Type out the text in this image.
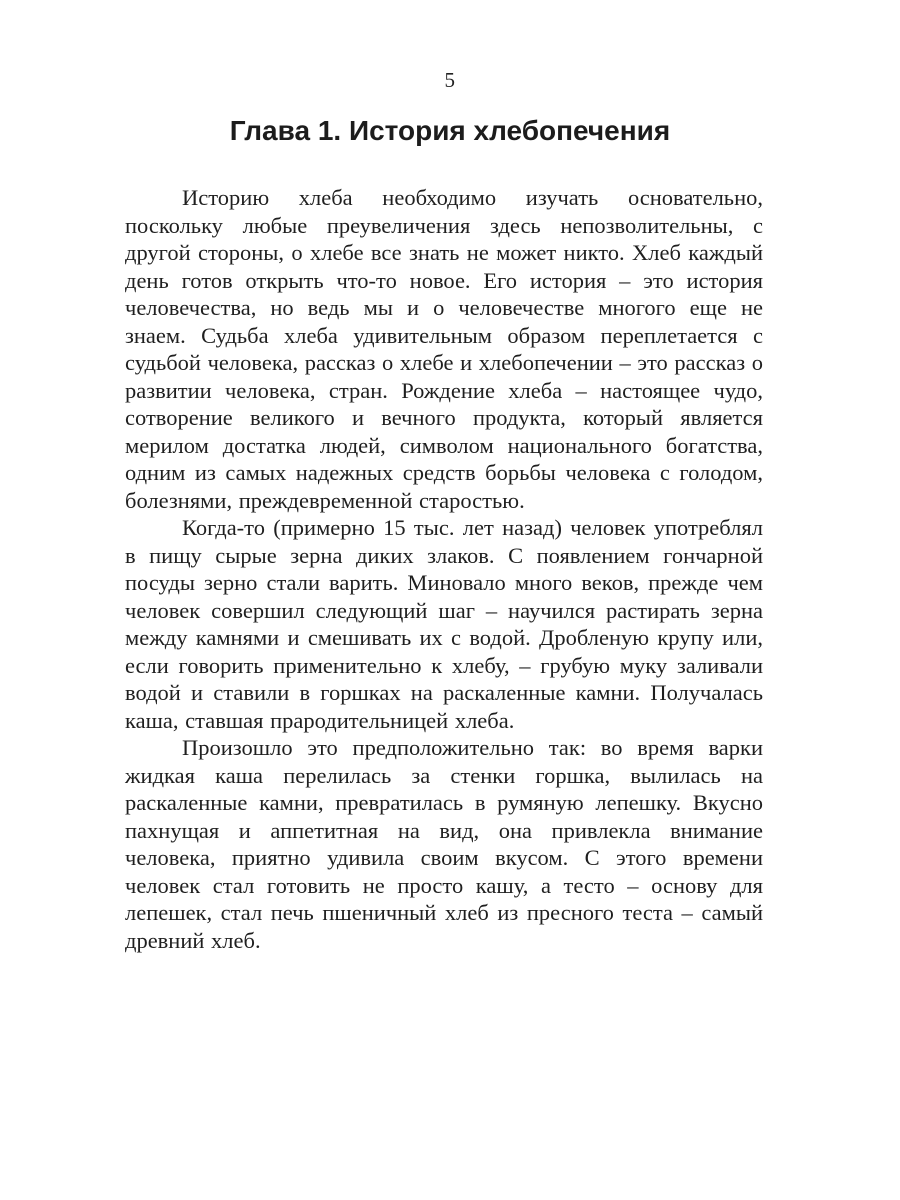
5
Глава 1. История хлебопечения

Историю хлеба необходимо изучать основательно, поскольку любые преувеличения здесь непозволительны, с другой стороны, о хлебе все знать не может никто. Хлеб каждый день готов открыть что-то новое. Его история – это история человечества, но ведь мы и о человечестве многого еще не знаем. Судьба хлеба удивительным образом переплетается с судьбой человека, рассказ о хлебе и хлебопечении – это рассказ о развитии человека, стран. Рождение хлеба – настоящее чудо, сотворение великого и вечного продукта, который является мерилом достатка людей, символом национального богатства, одним из самых надежных средств борьбы человека с голодом, болезнями, преждевременной старостью.

Когда-то (примерно 15 тыс. лет назад) человек употреблял в пищу сырые зерна диких злаков. С появлением гончарной посуды зерно стали варить. Миновало много веков, прежде чем человек совершил следующий шаг – научился растирать зерна между камнями и смешивать их с водой. Дробленую крупу или, если говорить применительно к хлебу, – грубую муку заливали водой и ставили в горшках на раскаленные камни. Получалась каша, ставшая прародительницей хлеба.

Произошло это предположительно так: во время варки жидкая каша перелилась за стенки горшка, вылилась на раскаленные камни, превратилась в румяную лепешку. Вкусно пахнущая и аппетитная на вид, она привлекла внимание человека, приятно удивила своим вкусом. С этого времени человек стал готовить не просто кашу, а тесто – основу для лепешек, стал печь пшеничный хлеб из пресного теста – самый древний хлеб.
